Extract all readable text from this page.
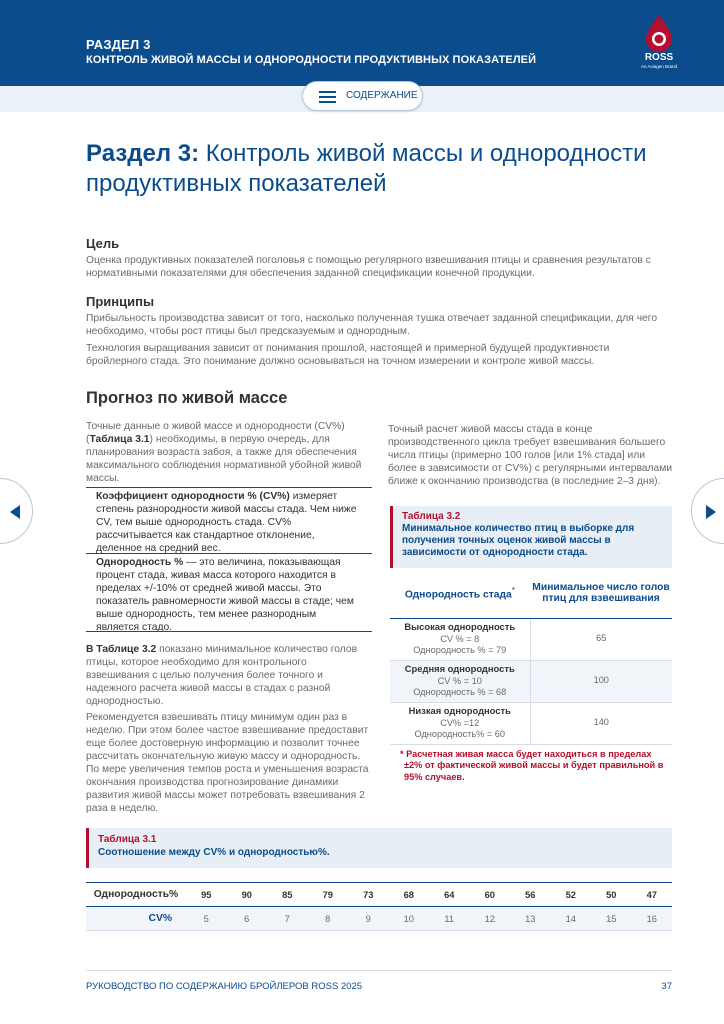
РАЗДЕЛ 3
КОНТРОЛЬ ЖИВОЙ МАССЫ И ОДНОРОДНОСТИ ПРОДУКТИВНЫХ ПОКАЗАТЕЛЕЙ	ROSS
An Aviagen Brand
СОДЕРЖАНИЕ
Раздел 3: Контроль живой массы и однородности продуктивных показателей
Цель
Оценка продуктивных показателей поголовья с помощью регулярного взвешивания птицы и сравнения результатов с нормативными показателями для обеспечения заданной спецификации конечной продукции.
Принципы
Прибыльность производства зависит от того, насколько полученная тушка отвечает заданной спецификации, для чего необходимо, чтобы рост птицы был предсказуемым и однородным.
Технология выращивания зависит от понимания прошлой, настоящей и примерной будущей продуктивности бройлерного стада. Это понимание должно основываться на точном измерении и контроле живой массы.
Прогноз по живой массе
Точные данные о живой массе и однородности (CV%) (Таблица 3.1) необходимы, в первую очередь, для планирования возраста забоя, а также для обеспечения максимального соблюдения нормативной убойной живой массы.

Коэффициент однородности % (CV%) измеряет степень разнородности живой массы стада. Чем ниже CV, тем выше однородность стада. CV% рассчитывается как стандартное отклонение, деленное на средний вес.

Однородность % — это величина, показывающая процент стада, живая масса которого находится в пределах +/-10% от средней живой массы. Это показатель равномерности живой массы в стаде; чем выше однородность, тем менее разнородным является стадо.

В Таблице 3.2 показано минимальное количество голов птицы, которое необходимо для контрольного взвешивания с целью получения более точного и надежного расчета живой массы в стадах с разной однородностью.
Рекомендуется взвешивать птицу минимум один раз в неделю. При этом более частое взвешивание предоставит еще более достоверную информацию и позволит точнее рассчитать окончательную живую массу и однородность. По мере увеличения темпов роста и уменьшения возраста окончания производства прогнозирование динамики развития живой массы может потребовать взвешивания 2 раза в неделю.
Точный расчет живой массы стада в конце производственного цикла требует взвешивания большего числа птицы (примерно 100 голов [или 1% стада] или более в зависимости от CV%) с регулярными интервалами ближе к окончанию производства (в последние 2–3 дня).
Таблица 3.2
Минимальное количество птиц в выборке для получения точных оценок живой массы в зависимости от однородности стада.
Однородность стада*	Минимальное число голов птиц для взвешивания
Высокая однородность
CV % = 8
Однородность % = 79	65
Средняя однородность
CV % = 10
Однородность % = 68	100
Низкая однородность
CV% =12
Однородность% = 60	140
* Расчетная живая масса будет находиться в пределах ±2% от фактической живой массы и будет правильной в 95% случаев.
Таблица 3.1
Соотношение между CV% и однородностью%.
Однородность%	95	90	85	79	73	68	64	60	56	52	50	47
CV%	5	6	7	8	9	10	11	12	13	14	15	16
РУКОВОДСТВО ПО СОДЕРЖАНИЮ БРОЙЛЕРОВ ROSS 2025	37
